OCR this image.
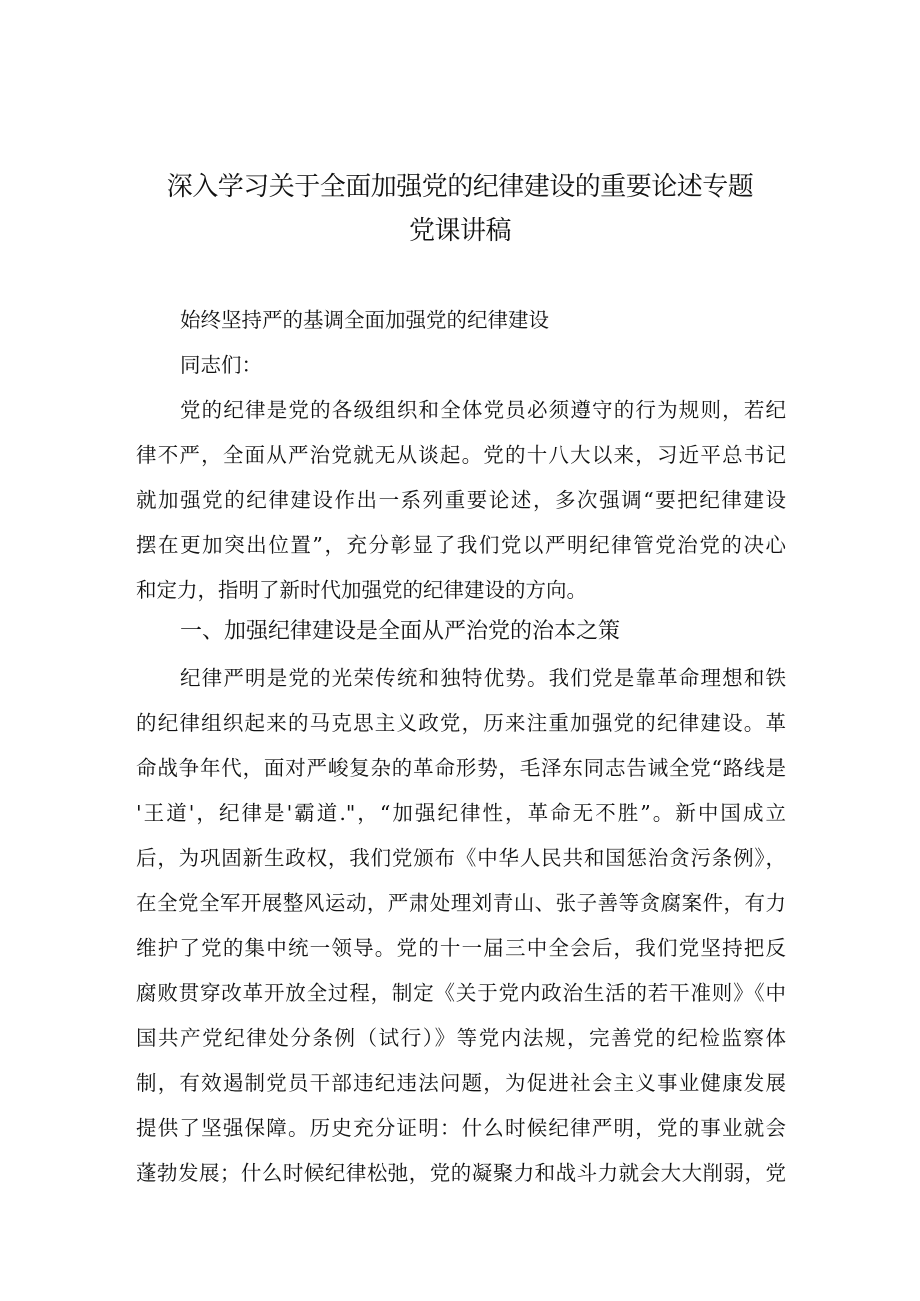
深入学习关于全面加强党的纪律建设的重要论述专题
党课讲稿
始终坚持严的基调全面加强党的纪律建设
同志们：
党的纪律是党的各级组织和全体党员必须遵守的行为规则，若纪
律不严，全面从严治党就无从谈起。党的十八大以来，习近平总书记
就加强党的纪律建设作出一系列重要论述，多次强调“要把纪律建设
摆在更加突出位置”，充分彰显了我们党以严明纪律管党治党的决心
和定力，指明了新时代加强党的纪律建设的方向。
一、加强纪律建设是全面从严治党的治本之策
纪律严明是党的光荣传统和独特优势。我们党是靠革命理想和铁
的纪律组织起来的马克思主义政党，历来注重加强党的纪律建设。革
命战争年代，面对严峻复杂的革命形势，毛泽东同志告诫全党“路线是
'王道'，纪律是'霸道."，“加强纪律性，革命无不胜”。新中国成立
后，为巩固新生政权，我们党颁布《中华人民共和国惩治贪污条例》，
在全党全军开展整风运动，严肃处理刘青山、张子善等贪腐案件，有力
维护了党的集中统一领导。党的十一届三中全会后，我们党坚持把反
腐败贯穿改革开放全过程，制定《关于党内政治生活的若干准则》《中
国共产党纪律处分条例（试行）》等党内法规，完善党的纪检监察体
制，有效遏制党员干部违纪违法问题，为促进社会主义事业健康发展
提供了坚强保障。历史充分证明：什么时候纪律严明，党的事业就会
蓬勃发展；什么时候纪律松弛，党的凝聚力和战斗力就会大大削弱，党
